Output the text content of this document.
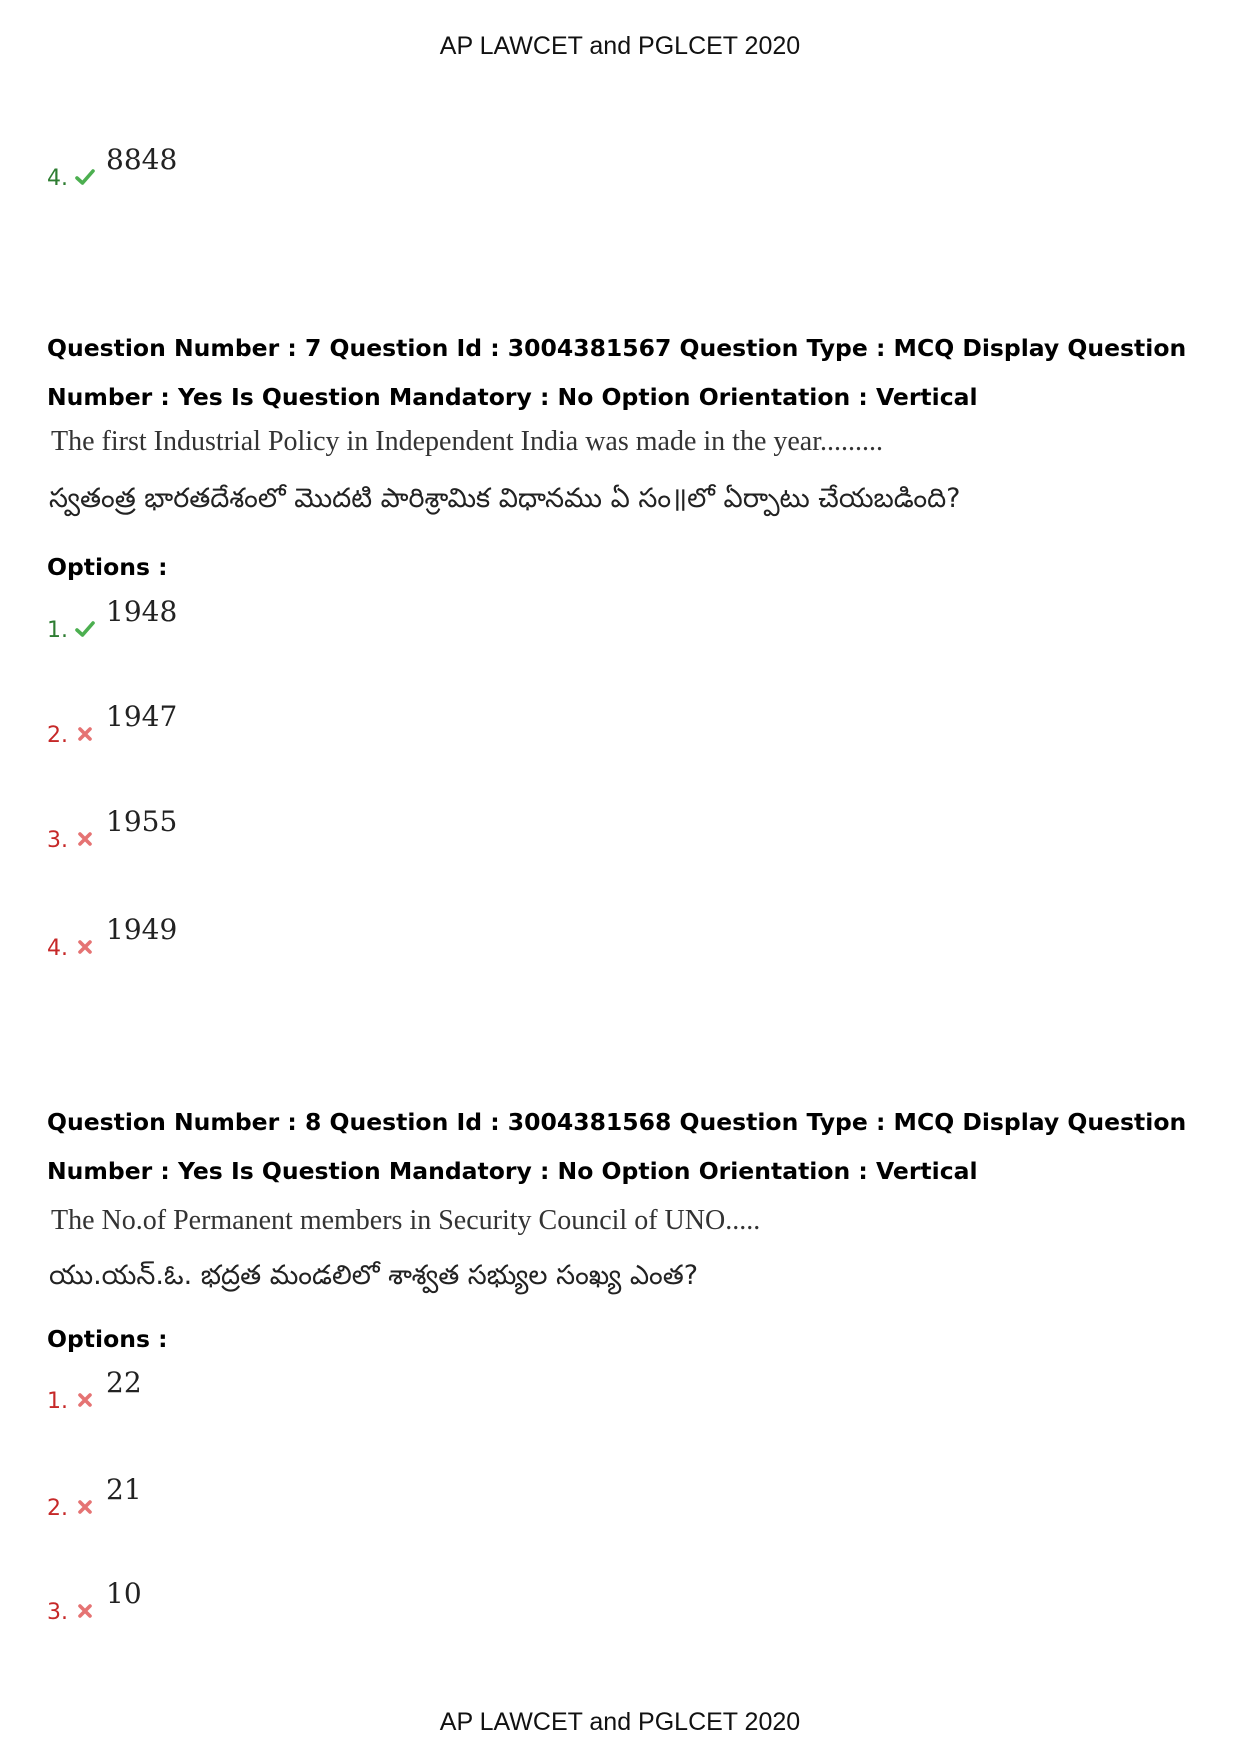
AP LAWCET and PGLCET 2020
4.
8848
Question Number : 7 Question Id : 3004381567 Question Type : MCQ Display Question
Number : Yes Is Question Mandatory : No Option Orientation : Vertical
The first Industrial Policy in Independent India was made in the year.........
స్వతంత్ర భారతదేశంలో మొదటి పారిశ్రామిక విధానము ఏ సం॥లో ఏర్పాటు చేయబడింది?
Options :
1.
1948
2.
1947
3.
1955
4.
1949
Question Number : 8 Question Id : 3004381568 Question Type : MCQ Display Question
Number : Yes Is Question Mandatory : No Option Orientation : Vertical
The No.of Permanent members in Security Council of UNO.....
యు.యన్.ఓ. భద్రత మండలిలో శాశ్వత సభ్యుల సంఖ్య ఎంత?
Options :
1.
22
2.
21
3.
10
AP LAWCET and PGLCET 2020
